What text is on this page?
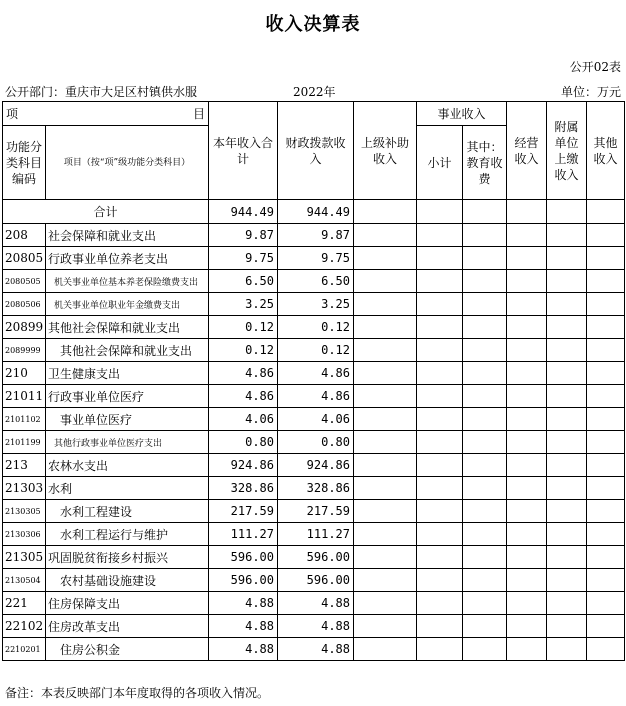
收入决算表
公开02表
公开部门：重庆市大足区村镇供水服	2022年	单位：万元
项 目		本年收入合计	财政拨款收入	上级补助收入	事业收入		经营收入	附属单位上缴收入	其他收入
功能分类科目编码	项目（按“项”级功能分类科目）				小计	其中：教育收费			
合计		944.49	944.49						
208	社会保障和就业支出	9.87	9.87						
20805	行政事业单位养老支出	9.75	9.75						
2080505	机关事业单位基本养老保险缴费支出	6.50	6.50						
2080506	机关事业单位职业年金缴费支出	3.25	3.25						
20899	其他社会保障和就业支出	0.12	0.12						
2089999	其他社会保障和就业支出	0.12	0.12						
210	卫生健康支出	4.86	4.86						
21011	行政事业单位医疗	4.86	4.86						
2101102	事业单位医疗	4.06	4.06						
2101199	其他行政事业单位医疗支出	0.80	0.80						
213	农林水支出	924.86	924.86						
21303	水利	328.86	328.86						
2130305	水利工程建设	217.59	217.59						
2130306	水利工程运行与维护	111.27	111.27						
21305	巩固脱贫衔接乡村振兴	596.00	596.00						
2130504	农村基础设施建设	596.00	596.00						
221	住房保障支出	4.88	4.88						
22102	住房改革支出	4.88	4.88						
2210201	住房公积金	4.88	4.88						
备注：本表反映部门本年度取得的各项收入情况。
